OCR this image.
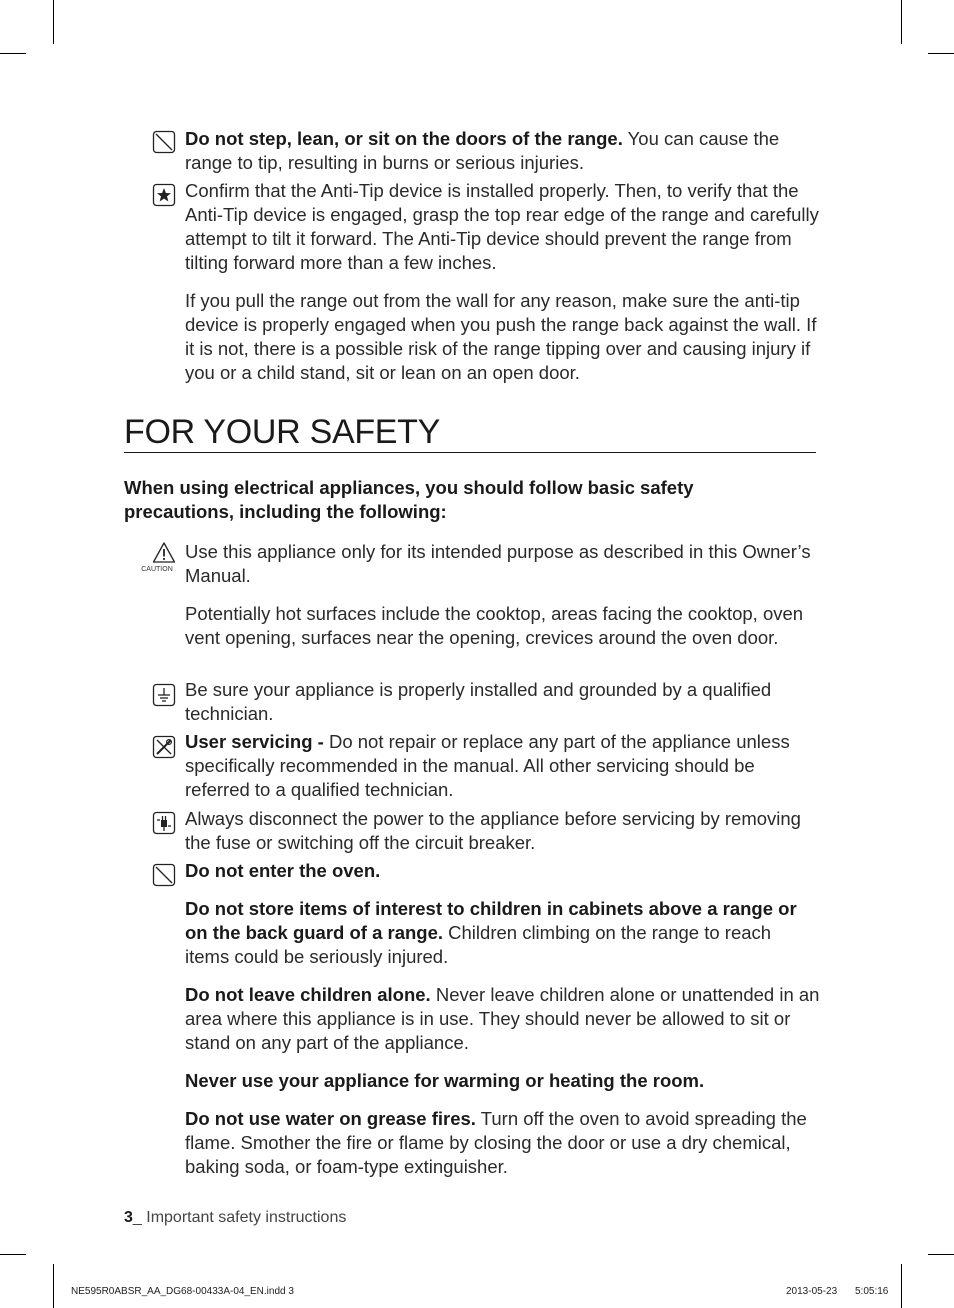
Do not step, lean, or sit on the doors of the range. You can cause the range to tip, resulting in burns or serious injuries.
Confirm that the Anti-Tip device is installed properly. Then, to verify that the Anti-Tip device is engaged, grasp the top rear edge of the range and carefully attempt to tilt it forward. The Anti-Tip device should prevent the range from tilting forward more than a few inches.
If you pull the range out from the wall for any reason, make sure the anti-tip device is properly engaged when you push the range back against the wall. If it is not, there is a possible risk of the range tipping over and causing injury if you or a child stand, sit or lean on an open door.
FOR YOUR SAFETY
When using electrical appliances, you should follow basic safety precautions, including the following:
CAUTION
Use this appliance only for its intended purpose as described in this Owner’s Manual.
Potentially hot surfaces include the cooktop, areas facing the cooktop, oven vent opening, surfaces near the opening, crevices around the oven door.
Be sure your appliance is properly installed and grounded by a qualified technician.
User servicing - Do not repair or replace any part of the appliance unless specifically recommended in the manual. All other servicing should be referred to a qualified technician.
Always disconnect the power to the appliance before servicing by removing the fuse or switching off the circuit breaker.
Do not enter the oven.
Do not store items of interest to children in cabinets above a range or on the back guard of a range. Children climbing on the range to reach items could be seriously injured.
Do not leave children alone. Never leave children alone or unattended in an area where this appliance is in use. They should never be allowed to sit or stand on any part of the appliance.
Never use your appliance for warming or heating the room.
Do not use water on grease fires. Turn off the oven to avoid spreading the flame. Smother the fire or flame by closing the door or use a dry chemical, baking soda, or foam-type extinguisher.
3_ Important safety instructions
NE595R0ABSR_AA_DG68-00433A-04_EN.indd 3	2013-05-23 5:05:16
